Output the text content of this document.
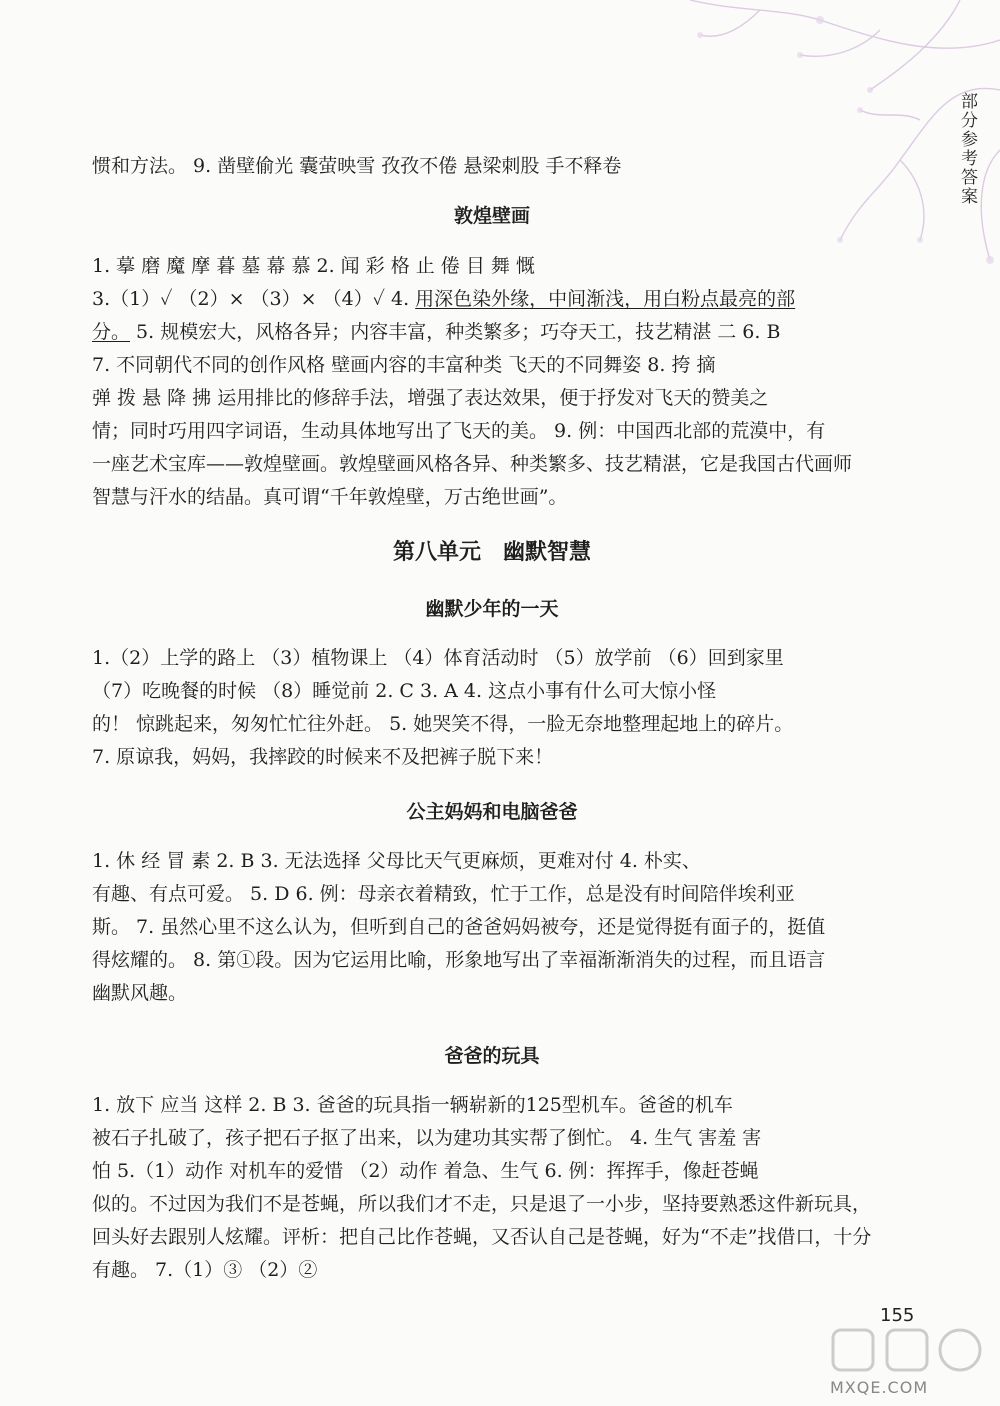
部分参考答案

惯和方法。 9. 凿壁偷光 囊萤映雪 孜孜不倦 悬梁刺股 手不释卷

敦煌壁画

1. 摹 磨 魔 摩 暮 墓 幕 慕 2. 闻 彩 格 止 倦 目 舞 慨

3.（1）✓ （2）× （3）× （4）✓ 4. 用深色染外缘，中间渐浅，用白粉点最亮的部

分。 5. 规模宏大，风格各异；内容丰富，种类繁多；巧夺天工，技艺精湛 二 6. B

7. 不同朝代不同的创作风格 壁画内容的丰富种类 飞天的不同舞姿 8. 挎 摘

弹 拨 悬 降 拂 运用排比的修辞手法，增强了表达效果，便于抒发对飞天的赞美之

情；同时巧用四字词语，生动具体地写出了飞天的美。 9. 例：中国西北部的荒漠中，有

一座艺术宝库——敦煌壁画。敦煌壁画风格各异、种类繁多、技艺精湛，它是我国古代画师

智慧与汗水的结晶。真可谓“千年敦煌壁，万古绝世画”。

第八单元　幽默智慧
幽默少年的一天

1.（2）上学的路上 （3）植物课上 （4）体育活动时 （5）放学前 （6）回到家里

（7）吃晚餐的时候 （8）睡觉前 2. C 3. A 4. 这点小事有什么可大惊小怪

的！ 惊跳起来，匆匆忙忙往外赶。 5. 她哭笑不得，一脸无奈地整理起地上的碎片。

7. 原谅我，妈妈，我摔跤的时候来不及把裤子脱下来！

公主妈妈和电脑爸爸

1. 休 经 冒 素 2. B 3. 无法选择 父母比天气更麻烦，更难对付 4. 朴实、

有趣、有点可爱。 5. D 6. 例：母亲衣着精致，忙于工作，总是没有时间陪伴埃利亚

斯。 7. 虽然心里不这么认为，但听到自己的爸爸妈妈被夸，还是觉得挺有面子的，挺值

得炫耀的。 8. 第①段。因为它运用比喻，形象地写出了幸福渐渐消失的过程，而且语言

幽默风趣。

爸爸的玩具

1. 放下 应当 这样 2. B 3. 爸爸的玩具指一辆崭新的125型机车。爸爸的机车

被石子扎破了，孩子把石子抠了出来，以为建功其实帮了倒忙。 4. 生气 害羞 害

怕 5.（1）动作 对机车的爱惜 （2）动作 着急、生气 6. 例：挥挥手，像赶苍蝇

似的。不过因为我们不是苍蝇，所以我们才不走，只是退了一小步，坚持要熟悉这件新玩具，

回头好去跟别人炫耀。评析：把自己比作苍蝇，又否认自己是苍蝇，好为“不走”找借口，十分

有趣。 7.（1）③ （2）②

155
MXQE.COM
